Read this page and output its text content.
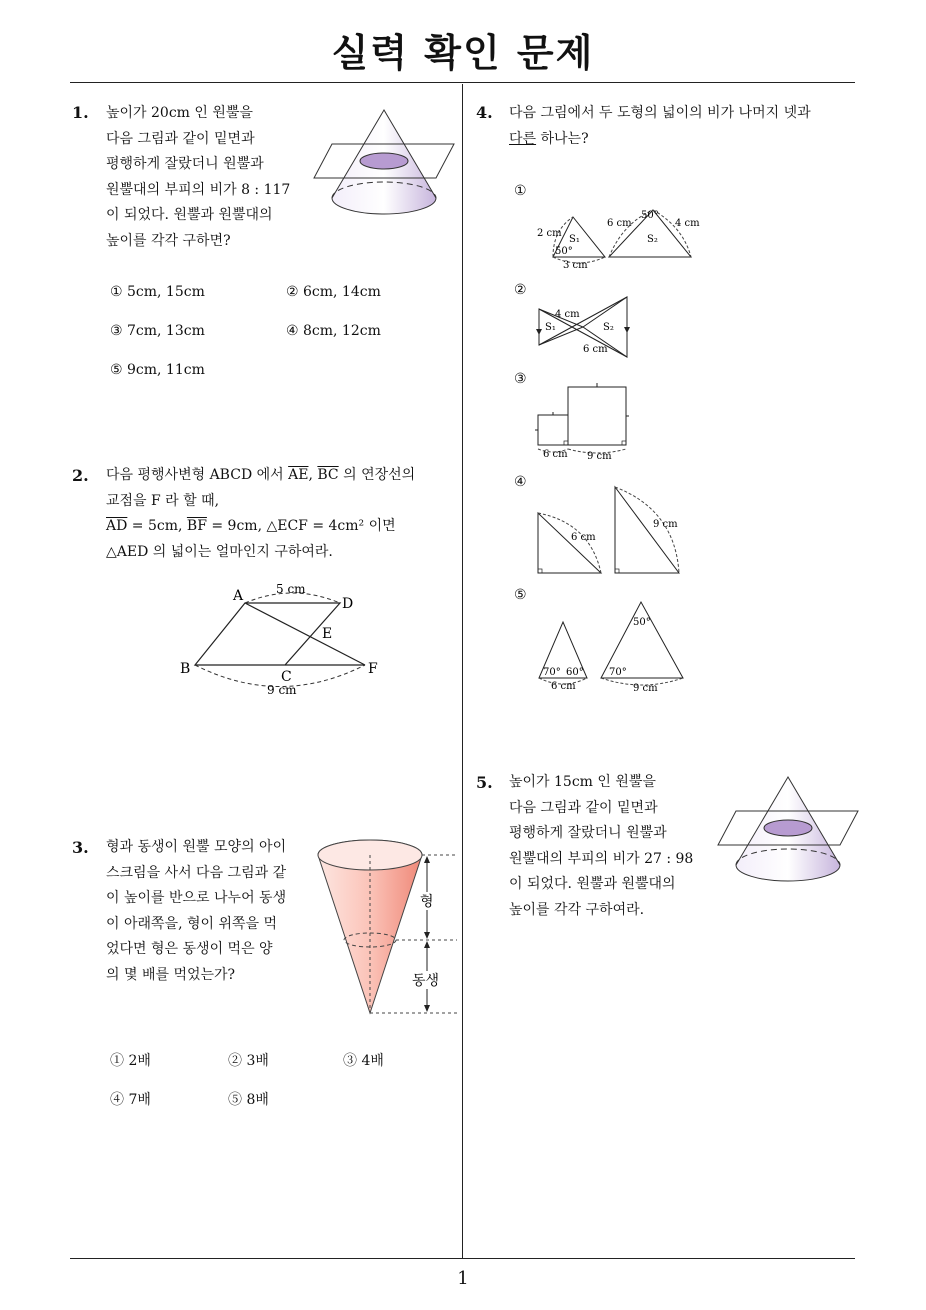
실력 확인 문제
1
1. 높이가 20cm 인 원뿔을
다음 그림과 같이 밑면과
평행하게 잘랐더니 원뿔과
원뿔대의 부피의 비가 8 : 117
이 되었다. 원뿔과 원뿔대의
높이를 각각 구하면?
① 5cm, 15cm	② 6cm, 14cm
③ 7cm, 13cm	④ 8cm, 12cm
⑤ 9cm, 11cm
2. 다음 평행사변형 ABCD 에서 $\overline{AE}$, $\overline{BC}$ 의 연장선의
교점을 F 라 할 때,
$\overline{AD} = 5cm$, $\overline{BF} = 9cm$, △ECF = 4cm² 이면
△AED 의 넓이는 얼마인지 구하여라.
A	D
E
B	C	F
5 cm
9 cm
3. 형과 동생이 원뿔 모양의 아이
스크림을 사서 다음 그림과 같
이 높이를 반으로 나누어 동생
이 아래쪽을, 형이 위쪽을 먹
었다면 형은 동생이 먹은 양
의 몇 배를 먹었는가?
형
동생
① 2배	② 3배	③ 4배
④ 7배	⑤ 8배
4. 다음 그림에서 두 도형의 넓이의 비가 나머지 넷과
다른 하나는?
①
2 cm
50°
3 cm
S₁
6 cm
50°
4 cm
S₂
②
4 cm
6 cm
S₁	S₂
③
6 cm 9 cm
④
6 cm
9 cm
⑤
70° 60°
6 cm
50°
70°
9 cm
5. 높이가 15cm 인 원뿔을
다음 그림과 같이 밑면과
평행하게 잘랐더니 원뿔과
원뿔대의 부피의 비가 27 : 98
이 되었다. 원뿔과 원뿔대의
높이를 각각 구하여라.
